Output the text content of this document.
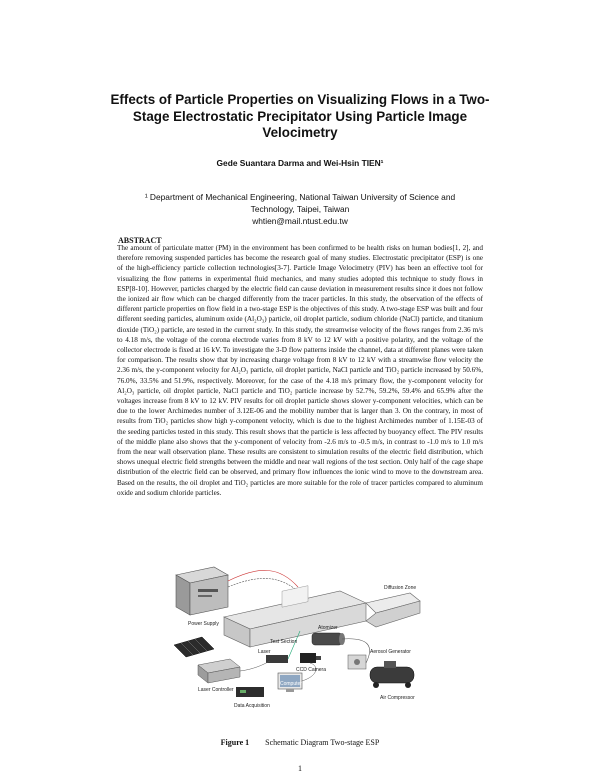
Effects of Particle Properties on Visualizing Flows in a Two-Stage Electrostatic Precipitator Using Particle Image Velocimetry
Gede Suantara Darma and Wei-Hsin TIEN¹
¹ Department of Mechanical Engineering, National Taiwan University of Science and
Technology, Taipei, Taiwan
whtien@mail.ntust.edu.tw
ABSTRACT
The amount of particulate matter (PM) in the environment has been confirmed to be health risks on human bodies[1, 2], and therefore removing suspended particles has become the research goal of many studies. Electrostatic precipitator (ESP) is one of the high-efficiency particle collection technologies[3-7]. Particle Image Velocimetry (PIV) has been an effective tool for visualizing the flow patterns in experimental fluid mechanics, and many studies adopted this technique to study flows in ESP[8-10]. However, particles charged by the electric field can cause deviation in measurement results since it does not follow the ionized air flow which can be charged differently from the tracer particles. In this study, the observation of the effects of different particle properties on flow field in a two-stage ESP is the objectives of this study. A two-stage ESP was built and four different seeding particles, aluminum oxide (Al₂O₃) particle, oil droplet particle, sodium chloride (NaCl) particle, and titanium dioxide (TiO₂) particle, are tested in the current study. In this study, the streamwise velocity of the flows ranges from 2.36 m/s to 4.18 m/s, the voltage of the corona electrode varies from 8 kV to 12 kV with a positive polarity, and the voltage of the collector electrode is fixed at 16 kV. To investigate the 3-D flow patterns inside the channel, data at different planes were taken for comparison. The results show that by increasing charge voltage from 8 kV to 12 kV with a streamwise flow velocity the 2.36 m/s, the y-component velocity for Al₂O₃ particle, oil droplet particle, NaCl particle and TiO₂ particle increased by 50.6%, 76.0%, 33.5% and 51.9%, respectively. Moreover, for the case of the 4.18 m/s primary flow, the y-component velocity for Al₂O₃ particle, oil droplet particle, NaCl particle and TiO₂ particle increase by 52.7%, 59.2%, 59.4% and 65.9% after the voltages increase from 8 kV to 12 kV. PIV results for oil droplet particle shows slower y-component velocities, which can be due to the lower Archimedes number of 3.12E-06 and the mobility number that is larger than 3. On the contrary, in most of results from TiO₂ particles show high y-component velocity, which is due to the highest Archimedes number of 1.15E-03 of the seeding particles tested in this study. This result shows that the particle is less affected by buoyancy effect. The PIV results of the middle plane also shows that the y-component of velocity from -2.6 m/s to -0.5 m/s, in contrast to -1.0 m/s to 1.0 m/s from the near wall observation plane. These results are consistent to simulation results of the electric field distribution, which shows unequal electric field strengths between the middle and near wall regions of the test section. Only half of the cage shape distribution of the electric field can be observed, and primary flow influences the ionic wind to move to the downstream area. Based on the results, the oil droplet and TiO₂ particles are more suitable for the role of tracer particles compared to aluminum oxide and sodium chloride particles.
Power Supply
Diffusion Zone
Atomizer
Laser
Test Section
CCD Camera
Computer
Laser Controller
Data Acquisition
Aerosol Generator
Air Compressor
Figure 1 Schematic Diagram Two-stage ESP
1
